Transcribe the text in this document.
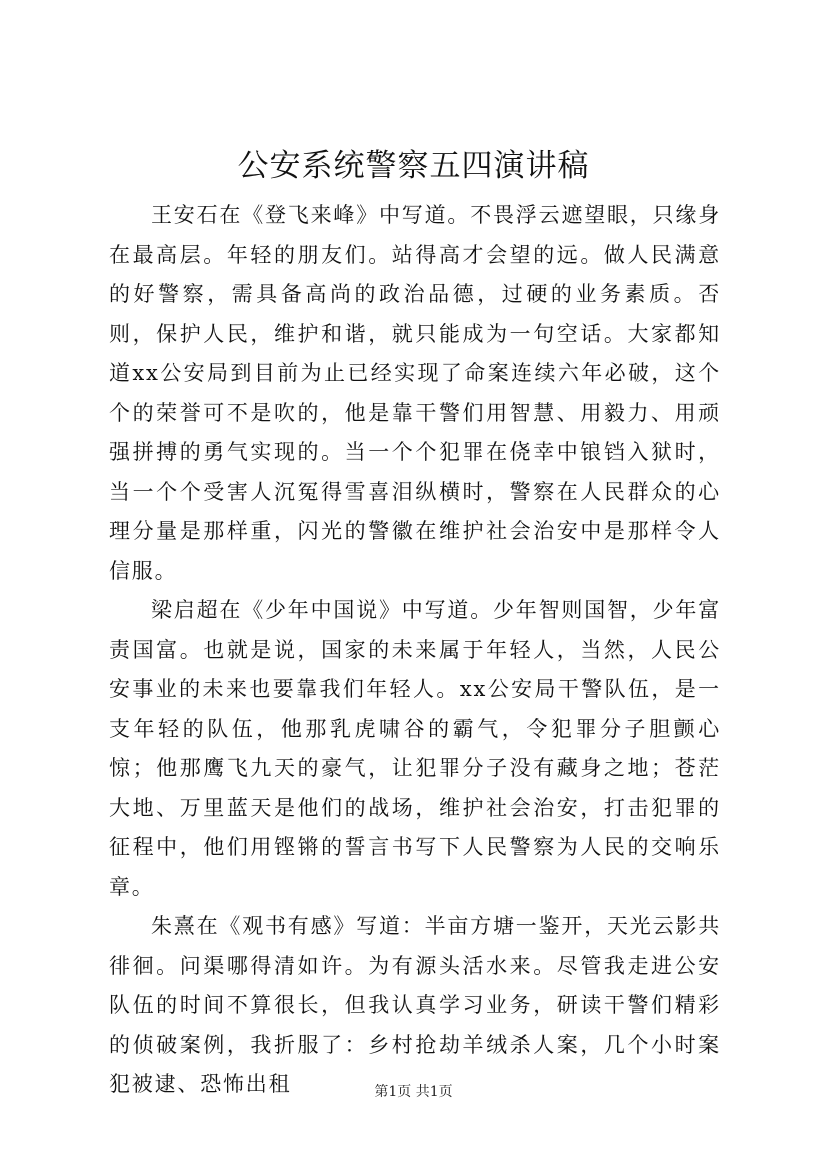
公安系统警察五四演讲稿

王安石在《登飞来峰》中写道。不畏浮云遮望眼，只缘身在最高层。年轻的朋友们。站得高才会望的远。做人民满意的好警察，需具备高尚的政治品德，过硬的业务素质。否则，保护人民，维护和谐，就只能成为一句空话。大家都知道xx公安局到目前为止已经实现了命案连续六年必破，这个个的荣誉可不是吹的，他是靠干警们用智慧、用毅力、用顽强拼搏的勇气实现的。当一个个犯罪在侥幸中锒铛入狱时，当一个个受害人沉冤得雪喜泪纵横时，警察在人民群众的心理分量是那样重，闪光的警徽在维护社会治安中是那样令人信服。

梁启超在《少年中国说》中写道。少年智则国智，少年富责国富。也就是说，国家的未来属于年轻人，当然，人民公安事业的未来也要靠我们年轻人。xx公安局干警队伍，是一支年轻的队伍，他那乳虎啸谷的霸气，令犯罪分子胆颤心惊；他那鹰飞九天的豪气，让犯罪分子没有藏身之地；苍茫大地、万里蓝天是他们的战场，维护社会治安，打击犯罪的征程中，他们用铿锵的誓言书写下人民警察为人民的交响乐章。

朱熹在《观书有感》写道：半亩方塘一鉴开，天光云影共徘徊。问渠哪得清如许。为有源头活水来。尽管我走进公安队伍的时间不算很长，但我认真学习业务，研读干警们精彩的侦破案例，我折服了：乡村抢劫羊绒杀人案，几个小时案犯被逮、恐怖出租	第1页 共1页
